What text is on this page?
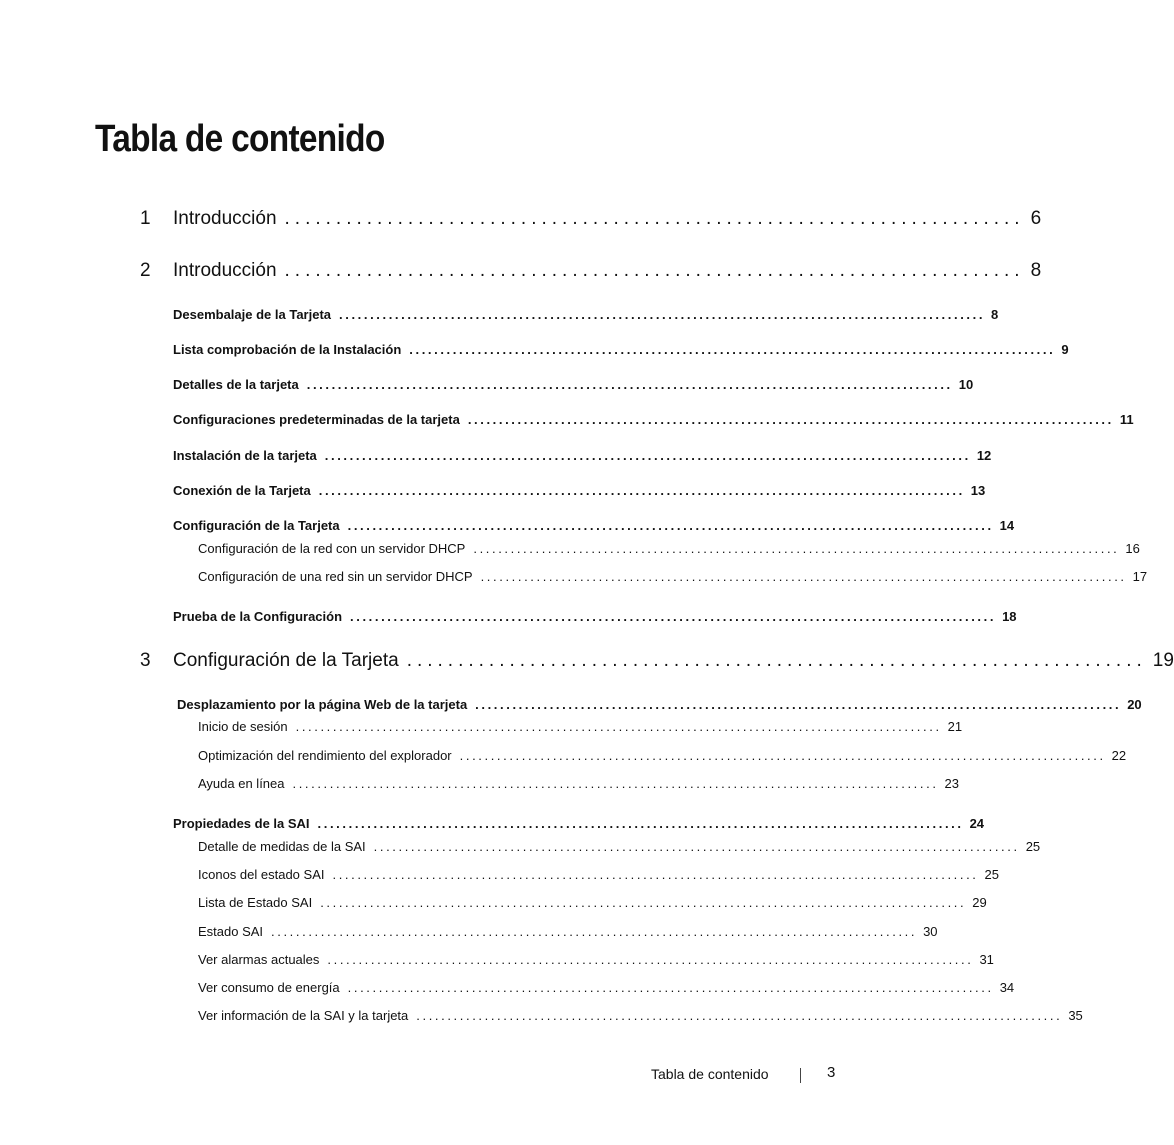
Tabla de contenido
1 Introducción ........................................................................ 6
2 Introducción ........................................................................ 8
Desembalaje de la Tarjeta ........................................................................................................ 8
Lista comprobación de la Instalación ........................................................................................................ 9
Detalles de la tarjeta ........................................................................................................ 10
Configuraciones predeterminadas de la tarjeta ........................................................................................................ 11
Instalación de la tarjeta ........................................................................................................ 12
Conexión de la Tarjeta ........................................................................................................ 13
Configuración de la Tarjeta ........................................................................................................ 14
Configuración de la red con un servidor DHCP ........................................................................................................ 16
Configuración de una red sin un servidor DHCP ........................................................................................................ 17
Prueba de la Configuración ........................................................................................................ 18
3 Configuración de la Tarjeta ........................................................................ 19
Desplazamiento por la página Web de la tarjeta ........................................................................................................ 20
Inicio de sesión ........................................................................................................ 21
Optimización del rendimiento del explorador ........................................................................................................ 22
Ayuda en línea ........................................................................................................ 23
Propiedades de la SAI ........................................................................................................ 24
Detalle de medidas de la SAI ........................................................................................................ 25
Iconos del estado SAI ........................................................................................................ 25
Lista de Estado SAI ........................................................................................................ 29
Estado SAI ........................................................................................................ 30
Ver alarmas actuales ........................................................................................................ 31
Ver consumo de energía ........................................................................................................ 34
Ver información de la SAI y la tarjeta ........................................................................................................ 35
Tabla de contenido	3
